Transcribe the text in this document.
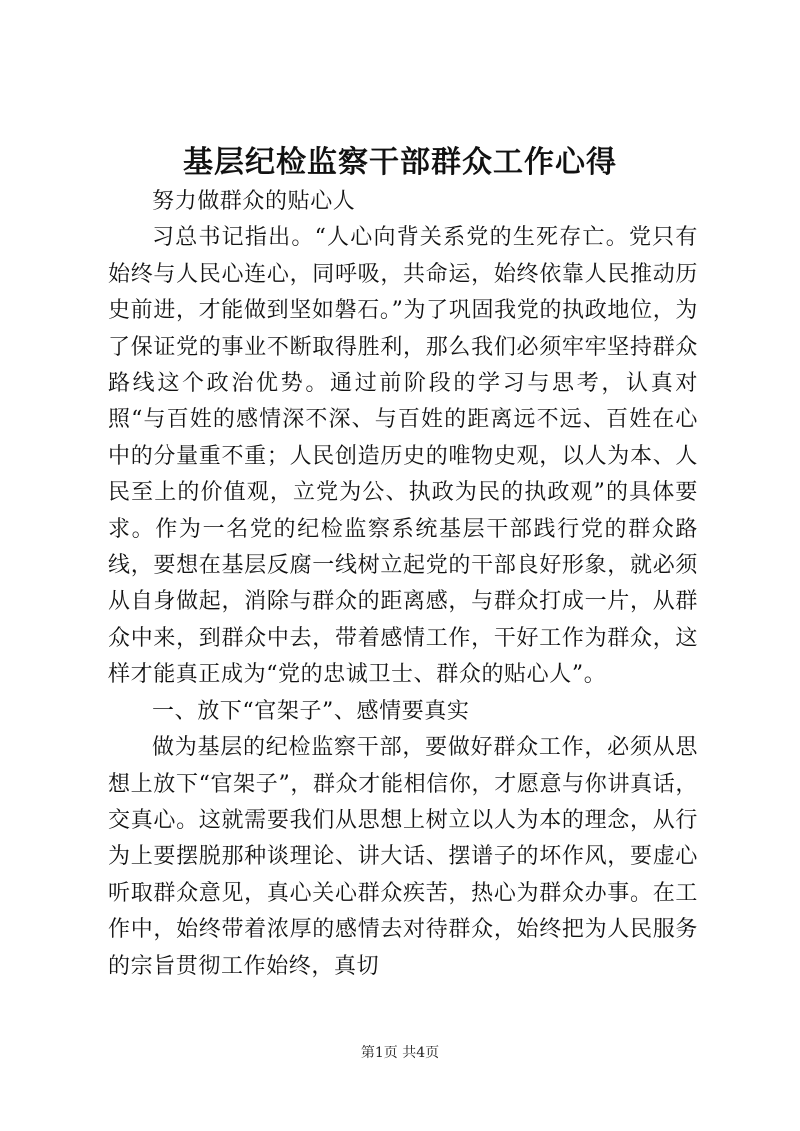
基层纪检监察干部群众工作心得

努力做群众的贴心人

习总书记指出。“人心向背关系党的生死存亡。党只有始终与人民心连心，同呼吸，共命运，始终依靠人民推动历史前进，才能做到坚如磐石。”为了巩固我党的执政地位，为了保证党的事业不断取得胜利，那么我们必须牢牢坚持群众路线这个政治优势。通过前阶段的学习与思考，认真对照“与百姓的感情深不深、与百姓的距离远不远、百姓在心中的分量重不重；人民创造历史的唯物史观，以人为本、人民至上的价值观，立党为公、执政为民的执政观”的具体要求。作为一名党的纪检监察系统基层干部践行党的群众路线，要想在基层反腐一线树立起党的干部良好形象，就必须从自身做起，消除与群众的距离感，与群众打成一片，从群众中来，到群众中去，带着感情工作，干好工作为群众，这样才能真正成为“党的忠诚卫士、群众的贴心人”。

一、放下“官架子”、感情要真实

做为基层的纪检监察干部，要做好群众工作，必须从思想上放下“官架子”，群众才能相信你，才愿意与你讲真话，交真心。这就需要我们从思想上树立以人为本的理念，从行为上要摆脱那种谈理论、讲大话、摆谱子的坏作风，要虚心听取群众意见，真心关心群众疾苦，热心为群众办事。在工作中，始终带着浓厚的感情去对待群众，始终把为人民服务的宗旨贯彻工作始终，真切

第1页 共4页
